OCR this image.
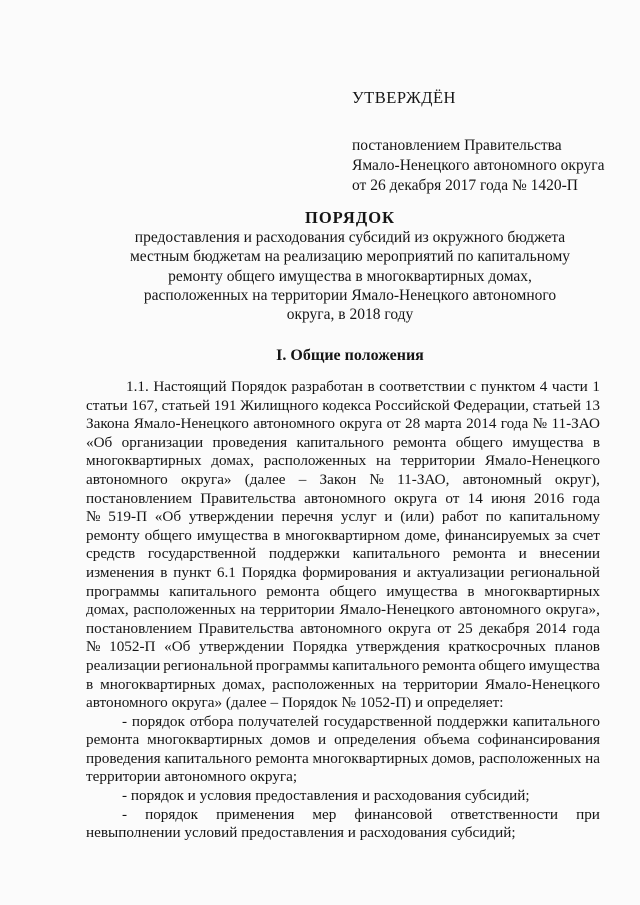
УТВЕРЖДЁН
постановлением Правительства
Ямало-Ненецкого автономного округа
от 26 декабря 2017 года № 1420-П
ПОРЯДОК
предоставления и расходования субсидий из окружного бюджета
местным бюджетам на реализацию мероприятий по капитальному
ремонту общего имущества в многоквартирных домах,
расположенных на территории Ямало-Ненецкого автономного
округа, в 2018 году
I. Общие положения
1.1. Настоящий Порядок разработан в соответствии с пунктом 4 части 1
статьи 167, статьей 191 Жилищного кодекса Российской Федерации, статьей 13
Закона Ямало-Ненецкого автономного округа от 28 марта 2014 года № 11-ЗАО
«Об организации проведения капитального ремонта общего имущества в
многоквартирных домах, расположенных на территории Ямало-Ненецкого
автономного округа» (далее – Закон № 11-ЗАО, автономный округ),
постановлением Правительства автономного округа от 14 июня 2016 года
№ 519-П «Об утверждении перечня услуг и (или) работ по капитальному
ремонту общего имущества в многоквартирном доме, финансируемых за счет
средств государственной поддержки капитального ремонта и внесении
изменения в пункт 6.1 Порядка формирования и актуализации региональной
программы капитального ремонта общего имущества в многоквартирных
домах, расположенных на территории Ямало-Ненецкого автономного округа»,
постановлением Правительства автономного округа от 25 декабря 2014 года
№ 1052-П «Об утверждении Порядка утверждения краткосрочных планов
реализации региональной программы капитального ремонта общего имущества
в многоквартирных домах, расположенных на территории Ямало-Ненецкого
автономного округа» (далее – Порядок № 1052-П) и определяет:
- порядок отбора получателей государственной поддержки капитального
ремонта многоквартирных домов и определения объема софинансирования
проведения капитального ремонта многоквартирных домов, расположенных на
территории автономного округа;
- порядок и условия предоставления и расходования субсидий;
- порядок применения мер финансовой ответственности при
невыполнении условий предоставления и расходования субсидий;
